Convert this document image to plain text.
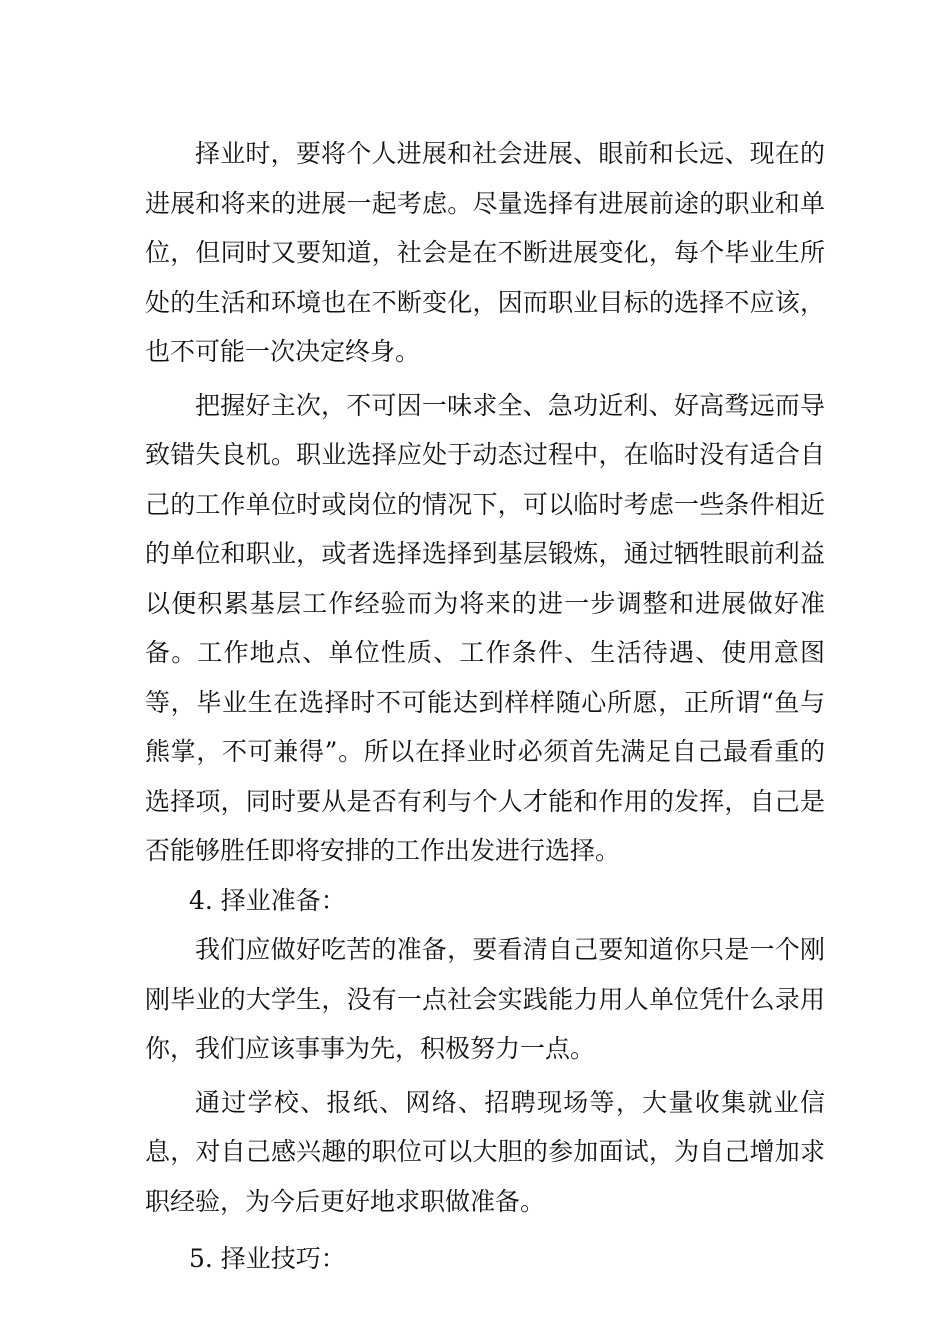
择业时，要将个人进展和社会进展、眼前和长远、现在的进展和将来的进展一起考虑。尽量选择有进展前途的职业和单位，但同时又要知道，社会是在不断进展变化，每个毕业生所处的生活和环境也在不断变化，因而职业目标的选择不应该，也不可能一次决定终身。

把握好主次，不可因一味求全、急功近利、好高骛远而导致错失良机。职业选择应处于动态过程中，在临时没有适合自己的工作单位时或岗位的情况下，可以临时考虑一些条件相近的单位和职业，或者选择选择到基层锻炼，通过牺牲眼前利益以便积累基层工作经验而为将来的进一步调整和进展做好准备。工作地点、单位性质、工作条件、生活待遇、使用意图等，毕业生在选择时不可能达到样样随心所愿，正所谓“鱼与熊掌，不可兼得”。所以在择业时必须首先满足自己最看重的选择项，同时要从是否有利与个人才能和作用的发挥，自己是否能够胜任即将安排的工作出发进行选择。

4. 择业准备：

我们应做好吃苦的准备，要看清自己要知道你只是一个刚刚毕业的大学生，没有一点社会实践能力用人单位凭什么录用你，我们应该事事为先，积极努力一点。

通过学校、报纸、网络、招聘现场等，大量收集就业信息，对自己感兴趣的职位可以大胆的参加面试，为自己增加求职经验，为今后更好地求职做准备。

5. 择业技巧：
